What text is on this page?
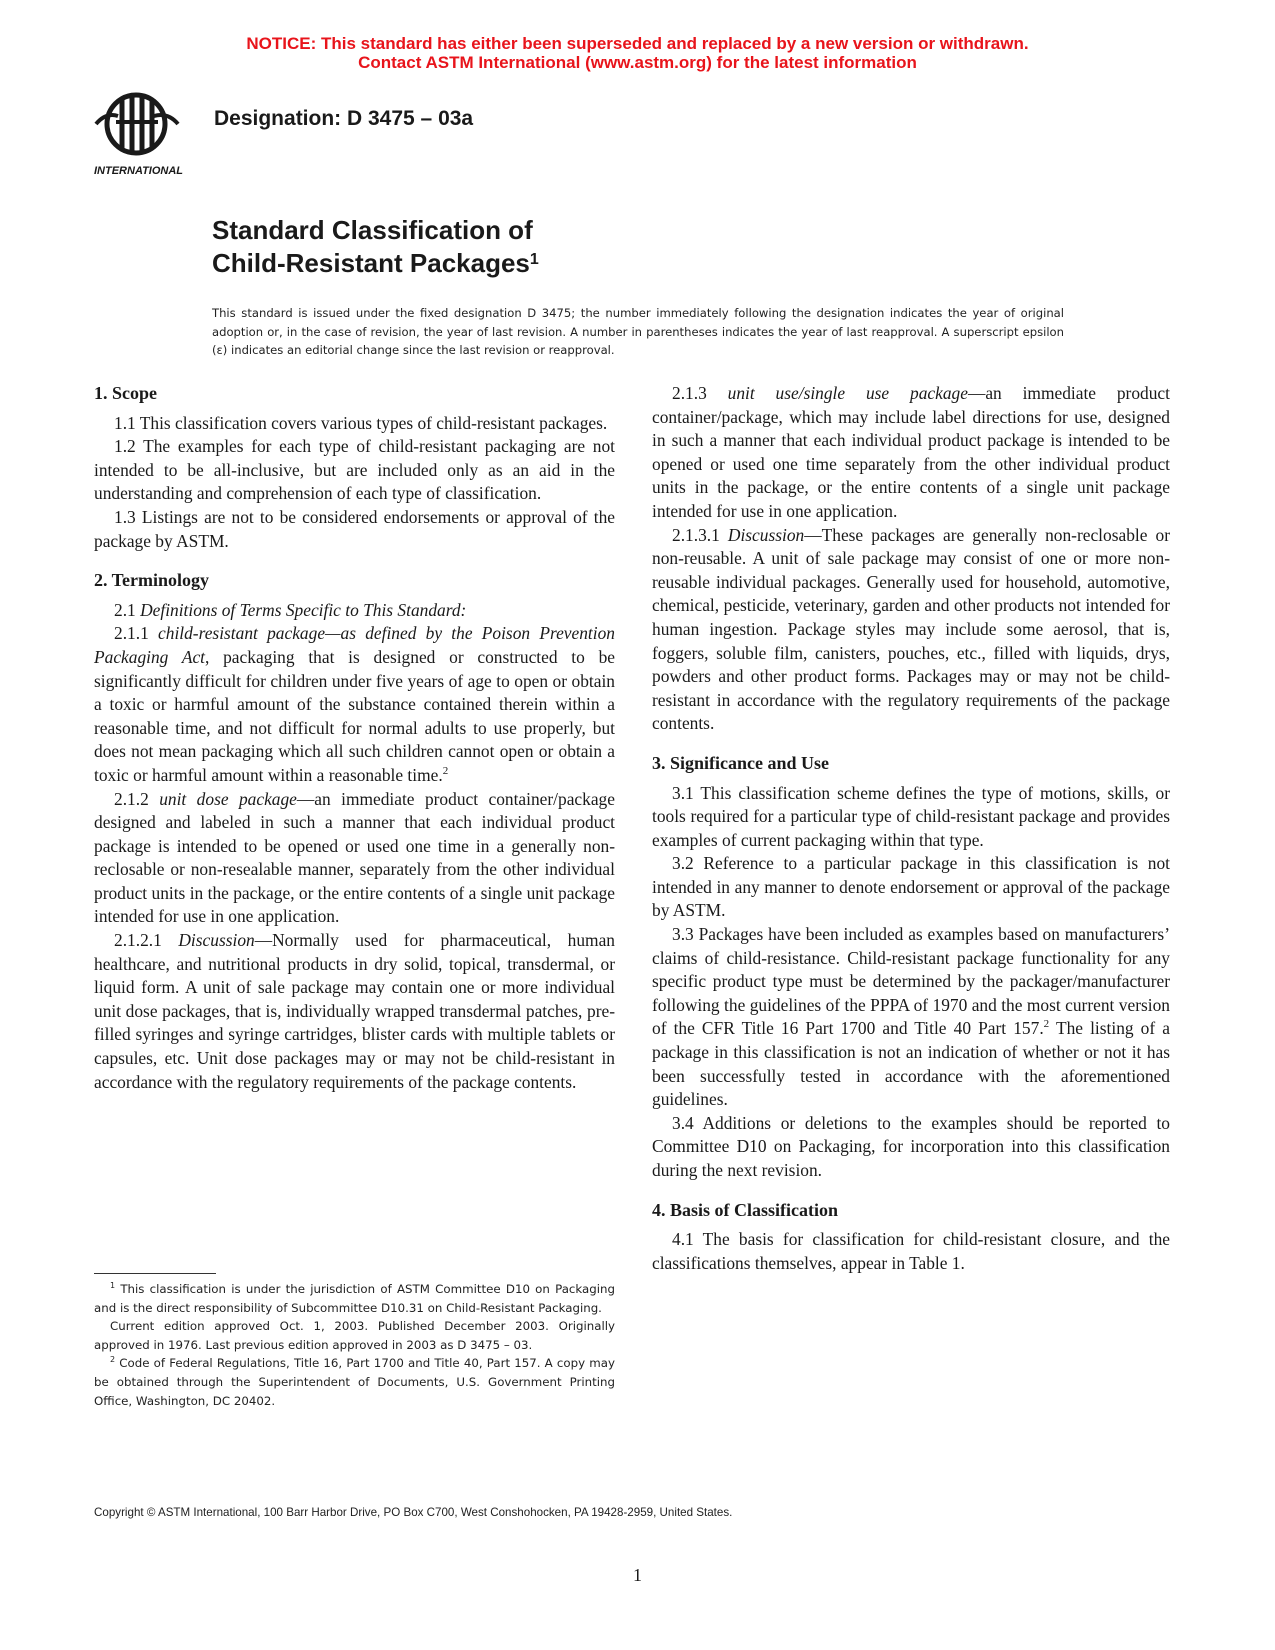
NOTICE: This standard has either been superseded and replaced by a new version or withdrawn.
Contact ASTM International (www.astm.org) for the latest information
INTERNATIONAL
Designation: D 3475 – 03a
Standard Classification of
Child-Resistant Packages$^1$
This standard is issued under the fixed designation D 3475; the number immediately following the designation indicates the year of original adoption or, in the case of revision, the year of last revision. A number in parentheses indicates the year of last reapproval. A superscript epsilon (ε) indicates an editorial change since the last revision or reapproval.
1. Scope

1.1 This classification covers various types of child-resistant packages.

1.2 The examples for each type of child-resistant packaging are not intended to be all-inclusive, but are included only as an aid in the understanding and comprehension of each type of classification.

1.3 Listings are not to be considered endorsements or approval of the package by ASTM.

2. Terminology

2.1 Definitions of Terms Specific to This Standard:

2.1.1 child-resistant package—as defined by the Poison Prevention Packaging Act, packaging that is designed or constructed to be significantly difficult for children under five years of age to open or obtain a toxic or harmful amount of the substance contained therein within a reasonable time, and not difficult for normal adults to use properly, but does not mean packaging which all such children cannot open or obtain a toxic or harmful amount within a reasonable time.$^2$

2.1.2 unit dose package—an immediate product container/package designed and labeled in such a manner that each individual product package is intended to be opened or used one time in a generally non-reclosable or non-resealable manner, separately from the other individual product units in the package, or the entire contents of a single unit package intended for use in one application.

2.1.2.1 Discussion—Normally used for pharmaceutical, human healthcare, and nutritional products in dry solid, topical, transdermal, or liquid form. A unit of sale package may contain one or more individual unit dose packages, that is, individually wrapped transdermal patches, pre-filled syringes and syringe cartridges, blister cards with multiple tablets or capsules, etc. Unit dose packages may or may not be child-resistant in accordance with the regulatory requirements of the package contents.

2.1.3 unit use/single use package—an immediate product container/package, which may include label directions for use, designed in such a manner that each individual product package is intended to be opened or used one time separately from the other individual product units in the package, or the entire contents of a single unit package intended for use in one application.

2.1.3.1 Discussion—These packages are generally non-reclosable or non-reusable. A unit of sale package may consist of one or more non-reusable individual packages. Generally used for household, automotive, chemical, pesticide, veterinary, garden and other products not intended for human ingestion. Package styles may include some aerosol, that is, foggers, soluble film, canisters, pouches, etc., filled with liquids, drys, powders and other product forms. Packages may or may not be child-resistant in accordance with the regulatory requirements of the package contents.

3. Significance and Use

3.1 This classification scheme defines the type of motions, skills, or tools required for a particular type of child-resistant package and provides examples of current packaging within that type.

3.2 Reference to a particular package in this classification is not intended in any manner to denote endorsement or approval of the package by ASTM.

3.3 Packages have been included as examples based on manufacturers’ claims of child-resistance. Child-resistant package functionality for any specific product type must be determined by the packager/manufacturer following the guidelines of the PPPA of 1970 and the most current version of the CFR Title 16 Part 1700 and Title 40 Part 157.$^2$ The listing of a package in this classification is not an indication of whether or not it has been successfully tested in accordance with the aforementioned guidelines.

3.4 Additions or deletions to the examples should be reported to Committee D10 on Packaging, for incorporation into this classification during the next revision.

4. Basis of Classification

4.1 The basis for classification for child-resistant closure, and the classifications themselves, appear in Table 1.

$^1$ This classification is under the jurisdiction of ASTM Committee D10 on Packaging and is the direct responsibility of Subcommittee D10.31 on Child-Resistant Packaging.

Current edition approved Oct. 1, 2003. Published December 2003. Originally approved in 1976. Last previous edition approved in 2003 as D 3475 – 03.

$^2$ Code of Federal Regulations, Title 16, Part 1700 and Title 40, Part 157. A copy may be obtained through the Superintendent of Documents, U.S. Government Printing Office, Washington, DC 20402.

Copyright © ASTM International, 100 Barr Harbor Drive, PO Box C700, West Conshohocken, PA 19428-2959, United States.
1
